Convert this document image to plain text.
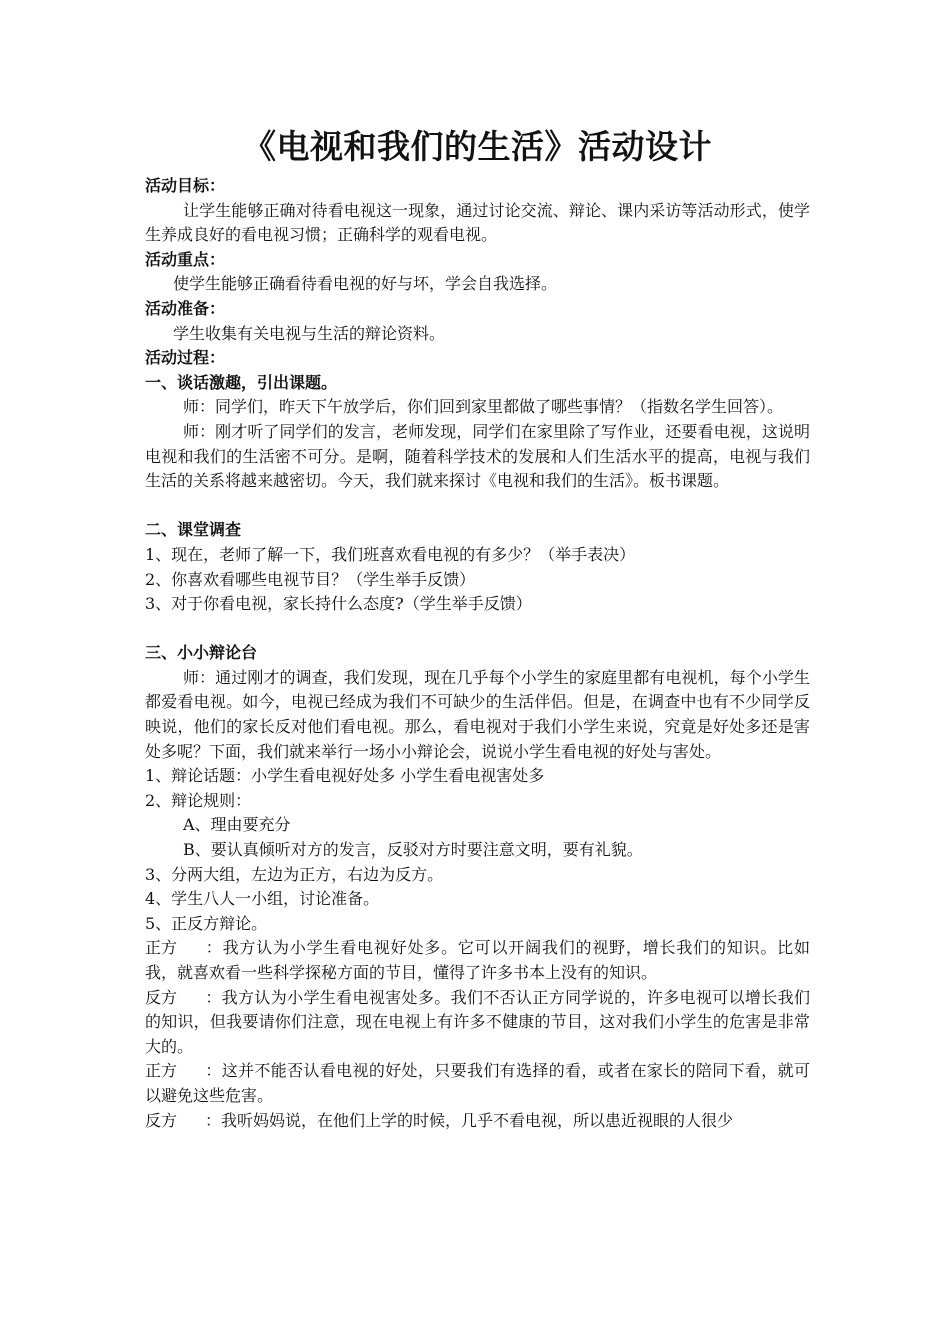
《电视和我们的生活》活动设计

活动目标：

让学生能够正确对待看电视这一现象，通过讨论交流、辩论、课内采访等活动形式，使学生养成良好的看电视习惯；正确科学的观看电视。

活动重点：

使学生能够正确看待看电视的好与坏，学会自我选择。

活动准备：

学生收集有关电视与生活的辩论资料。

活动过程：

一、谈话激趣，引出课题。

师：同学们，昨天下午放学后，你们回到家里都做了哪些事情？（指数名学生回答）。

师：刚才听了同学们的发言，老师发现，同学们在家里除了写作业，还要看电视，这说明电视和我们的生活密不可分。是啊，随着科学技术的发展和人们生活水平的提高，电视与我们生活的关系将越来越密切。今天，我们就来探讨《电视和我们的生活》。板书课题。

二、课堂调查

1、现在，老师了解一下，我们班喜欢看电视的有多少？（举手表决）

2、你喜欢看哪些电视节目？（学生举手反馈）

3、对于你看电视，家长持什么态度?（学生举手反馈）

三、小小辩论台

师：通过刚才的调查，我们发现，现在几乎每个小学生的家庭里都有电视机，每个小学生都爱看电视。如今，电视已经成为我们不可缺少的生活伴侣。但是，在调查中也有不少同学反映说，他们的家长反对他们看电视。那么，看电视对于我们小学生来说，究竟是好处多还是害处多呢？下面，我们就来举行一场小小辩论会，说说小学生看电视的好处与害处。

1、辩论话题：小学生看电视好处多 小学生看电视害处多

2、辩论规则：

A、理由要充分

B、要认真倾听对方的发言，反驳对方时要注意文明，要有礼貌。

3、分两大组，左边为正方，右边为反方。

4、学生八人一小组，讨论准备。

5、正反方辩论。

正方 ：我方认为小学生看电视好处多。它可以开阔我们的视野，增长我们的知识。比如我，就喜欢看一些科学探秘方面的节目，懂得了许多书本上没有的知识。

反方 ：我方认为小学生看电视害处多。我们不否认正方同学说的，许多电视可以增长我们的知识，但我要请你们注意，现在电视上有许多不健康的节目，这对我们小学生的危害是非常大的。

正方 ：这并不能否认看电视的好处，只要我们有选择的看，或者在家长的陪同下看，就可以避免这些危害。

反方 ：我听妈妈说，在他们上学的时候，几乎不看电视，所以患近视眼的人很少
